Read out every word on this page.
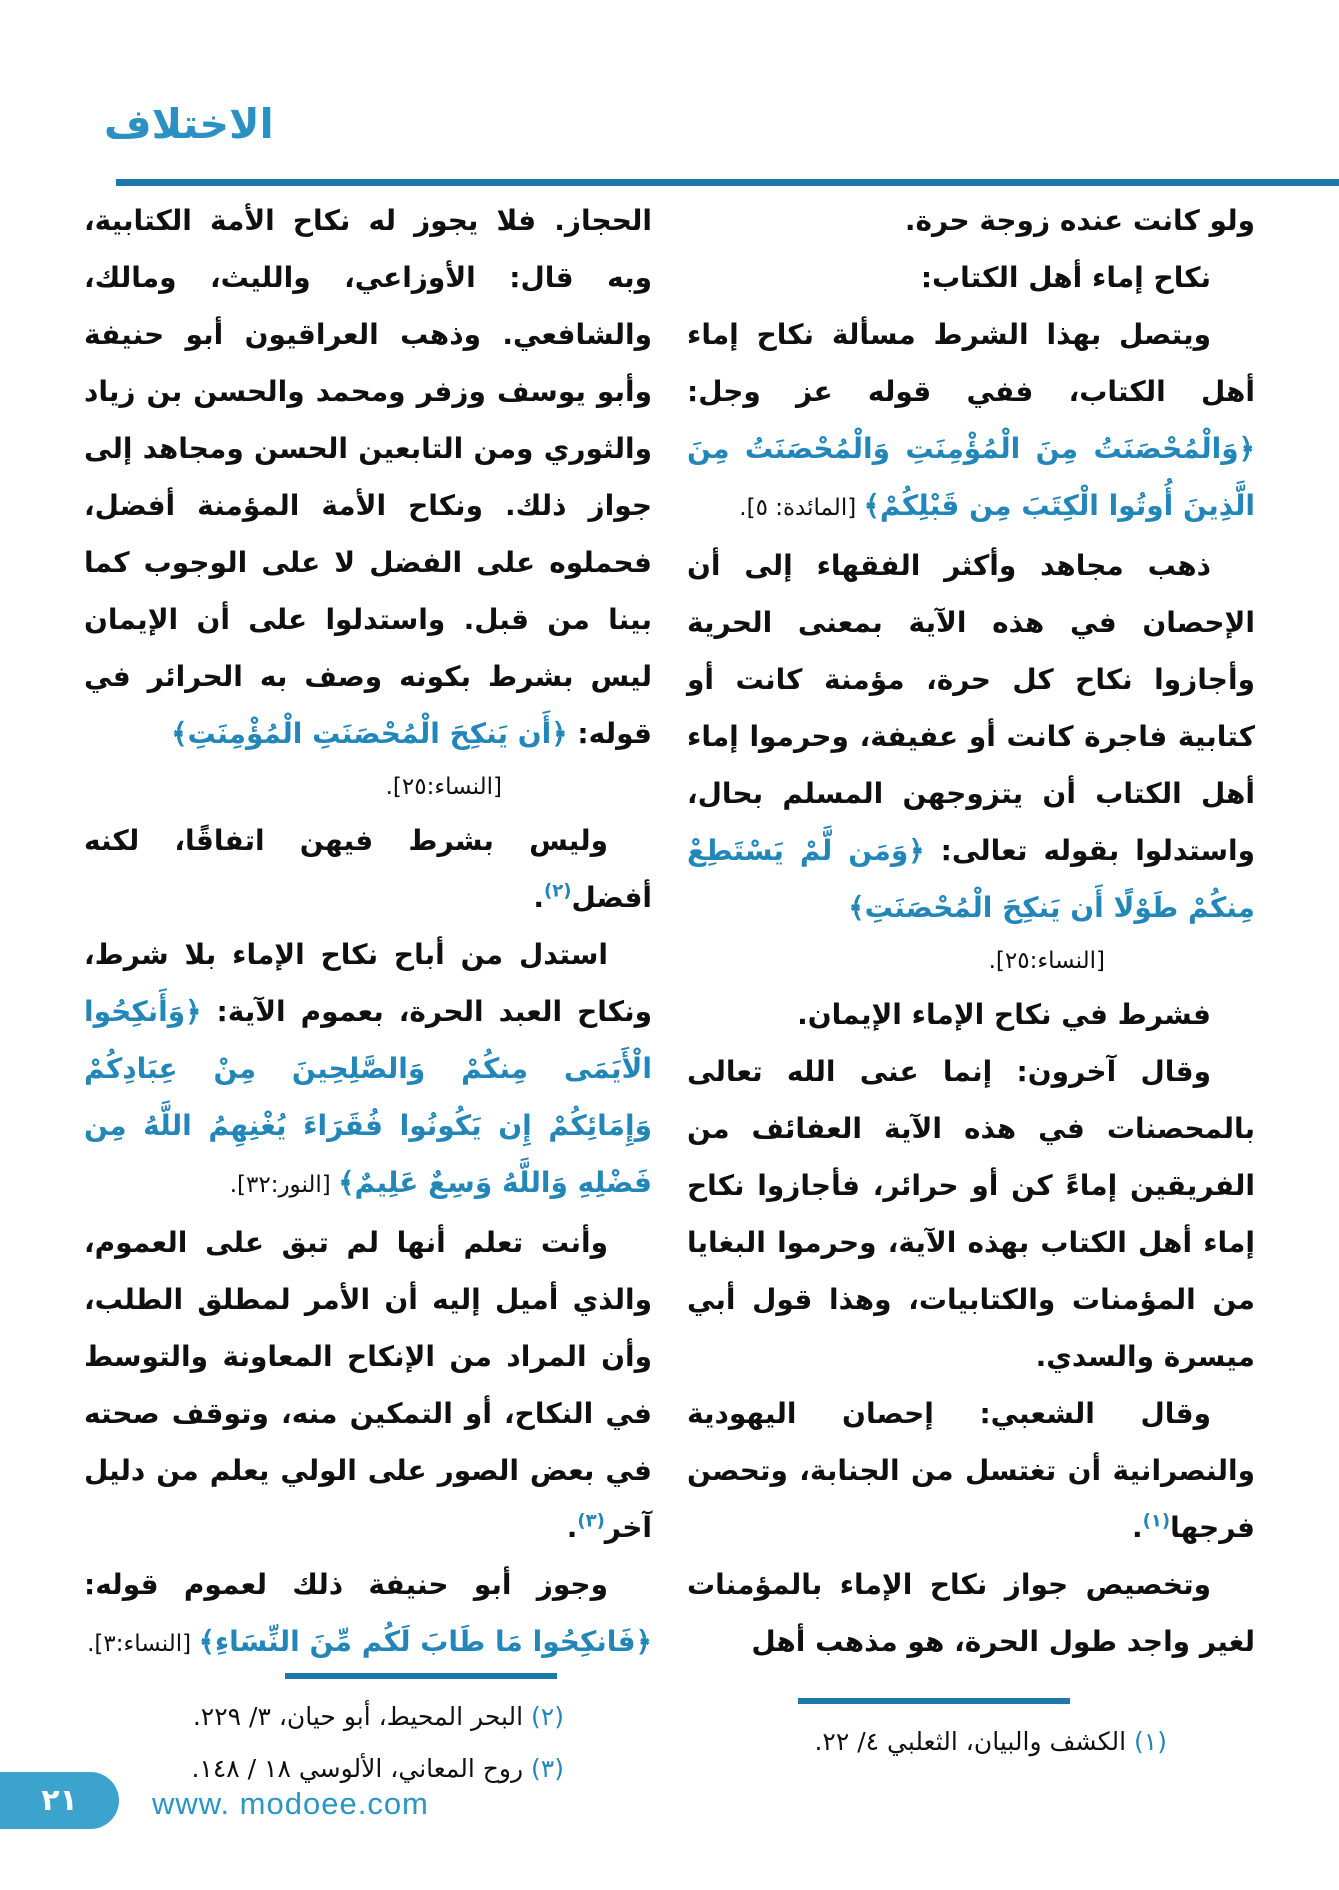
الاختلاف

ولو كانت عنده زوجة حرة.

نكاح إماء أهل الكتاب:

ويتصل بهذا الشرط مسألة نكاح إماء أهل الكتاب، ففي قوله عز وجل: ﴿وَالْمُحْصَنَتُ مِنَ الْمُؤْمِنَتِ وَالْمُحْصَنَتُ مِنَ الَّذِينَ أُوتُوا الْكِتَبَ مِن قَبْلِكُمْ﴾ [المائدة: ٥].

ذهب مجاهد وأكثر الفقهاء إلى أن الإحصان في هذه الآية بمعنى الحرية وأجازوا نكاح كل حرة، مؤمنة كانت أو كتابية فاجرة كانت أو عفيفة، وحرموا إماء أهل الكتاب أن يتزوجهن المسلم بحال، واستدلوا بقوله تعالى: ﴿وَمَن لَّمْ يَسْتَطِعْ مِنكُمْ طَوْلًا أَن يَنكِحَ الْمُحْصَنَتِ﴾
[النساء:٢٥].

فشرط في نكاح الإماء الإيمان.

وقال آخرون: إنما عنى الله تعالى بالمحصنات في هذه الآية العفائف من الفريقين إماءً كن أو حرائر، فأجازوا نكاح إماء أهل الكتاب بهذه الآية، وحرموا البغايا من المؤمنات والكتابيات، وهذا قول أبي ميسرة والسدي.

وقال الشعبي: إحصان اليهودية والنصرانية أن تغتسل من الجنابة، وتحصن فرجها$^{(١)}$.

وتخصيص جواز نكاح الإماء بالمؤمنات لغير واجد طول الحرة، هو مذهب أهل

(١) الكشف والبيان، الثعلبي ٤/ ٢٢.

الحجاز. فلا يجوز له نكاح الأمة الكتابية، وبه قال: الأوزاعي، والليث، ومالك، والشافعي. وذهب العراقيون أبو حنيفة وأبو يوسف وزفر ومحمد والحسن بن زياد والثوري ومن التابعين الحسن ومجاهد إلى جواز ذلك. ونكاح الأمة المؤمنة أفضل، فحملوه على الفضل لا على الوجوب كما بينا من قبل. واستدلوا على أن الإيمان ليس بشرط بكونه وصف به الحرائر في قوله: ﴿أَن يَنكِحَ الْمُحْصَنَتِ الْمُؤْمِنَتِ﴾
[النساء:٢٥].

وليس بشرط فيهن اتفاقًا، لكنه أفضل$^{(٢)}$.

استدل من أباح نكاح الإماء بلا شرط، ونكاح العبد الحرة، بعموم الآية: ﴿وَأَنكِحُوا الْأَيَمَى مِنكُمْ وَالصَّلِحِينَ مِنْ عِبَادِكُمْ وَإِمَائِكُمْ إِن يَكُونُوا فُقَرَاءَ يُغْنِهِمُ اللَّهُ مِن فَضْلِهِ وَاللَّهُ وَسِعٌ عَلِيمٌ﴾ [النور:٣٢].

وأنت تعلم أنها لم تبق على العموم، والذي أميل إليه أن الأمر لمطلق الطلب، وأن المراد من الإنكاح المعاونة والتوسط في النكاح، أو التمكين منه، وتوقف صحته في بعض الصور على الولي يعلم من دليل آخر$^{(٣)}$.

وجوز أبو حنيفة ذلك لعموم قوله: ﴿فَانكِحُوا مَا طَابَ لَكُم مِّنَ النِّسَاءِ﴾ [النساء:٣].

(٢) البحر المحيط، أبو حيان، ٣/ ٢٢٩.
(٣) روح المعاني، الألوسي ١٨ / ١٤٨.
٢١ www. modoee.com
